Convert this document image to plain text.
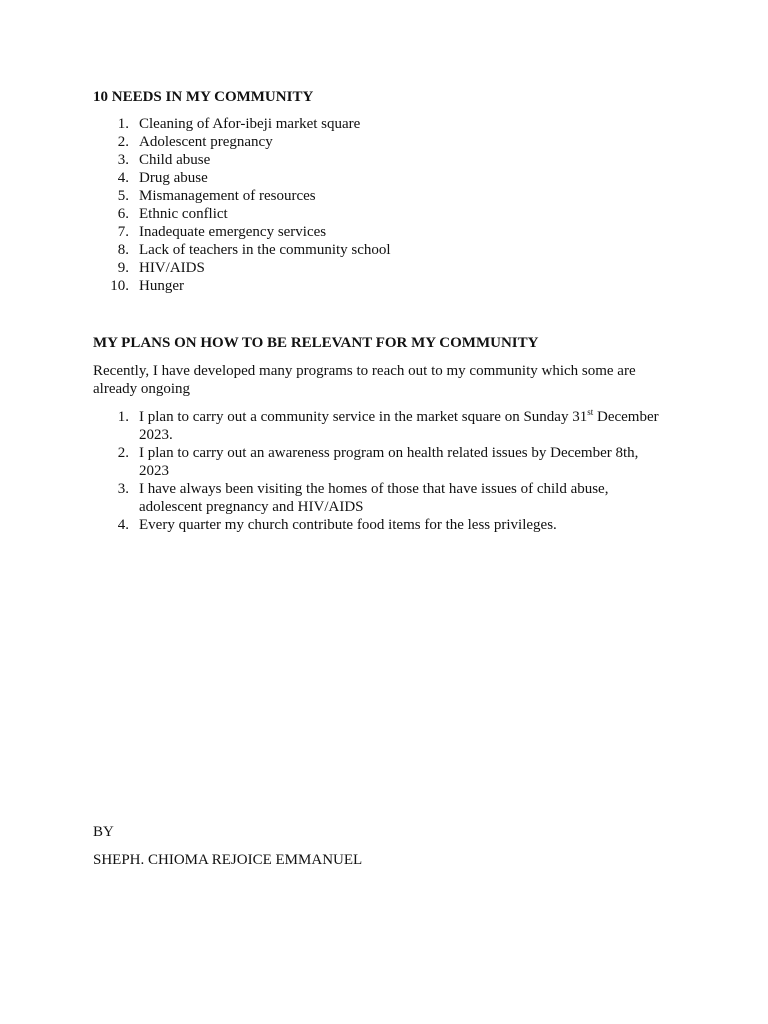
10 NEEDS IN MY COMMUNITY
1. Cleaning of Afor-ibeji market square
2. Adolescent pregnancy
3. Child abuse
4. Drug abuse
5. Mismanagement of resources
6. Ethnic conflict
7. Inadequate emergency services
8. Lack of teachers in the community school
9. HIV/AIDS
10. Hunger
MY PLANS ON HOW TO BE RELEVANT FOR MY COMMUNITY
Recently, I have developed many programs to reach out to my community which some are already ongoing
1. I plan to carry out a community service in the market square on Sunday 31st December 2023.
2. I plan to carry out an awareness program on health related issues by December 8th, 2023
3. I have always been visiting the homes of those that have issues of child abuse, adolescent pregnancy and HIV/AIDS
4. Every quarter my church contribute food items for the less privileges.
BY
SHEPH. CHIOMA REJOICE EMMANUEL
